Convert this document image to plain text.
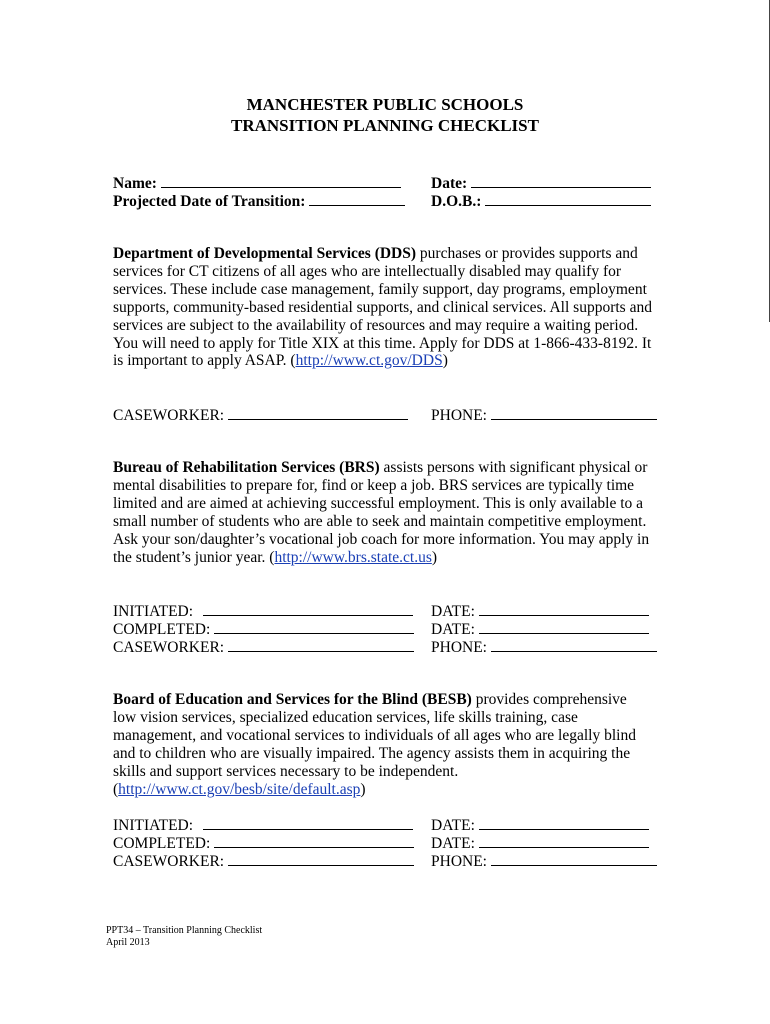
MANCHESTER PUBLIC SCHOOLS
TRANSITION PLANNING CHECKLIST
Name:
Projected Date of Transition:
Date:
D.O.B.:
Department of Developmental Services (DDS) purchases or provides supports and services for CT citizens of all ages who are intellectually disabled may qualify for services. These include case management, family support, day programs, employment supports, community-based residential supports, and clinical services. All supports and services are subject to the availability of resources and may require a waiting period. You will need to apply for Title XIX at this time. Apply for DDS at 1-866-433-8192. It is important to apply ASAP. (http://www.ct.gov/DDS)
CASEWORKER:	PHONE:
Bureau of Rehabilitation Services (BRS) assists persons with significant physical or mental disabilities to prepare for, find or keep a job. BRS services are typically time limited and are aimed at achieving successful employment. This is only available to a small number of students who are able to seek and maintain competitive employment. Ask your son/daughter’s vocational job coach for more information. You may apply in the student’s junior year. (http://www.brs.state.ct.us)
INITIATED:
COMPLETED:
CASEWORKER:
DATE:
DATE:
PHONE:
Board of Education and Services for the Blind (BESB) provides comprehensive low vision services, specialized education services, life skills training, case management, and vocational services to individuals of all ages who are legally blind and to children who are visually impaired. The agency assists them in acquiring the skills and support services necessary to be independent. (http://www.ct.gov/besb/site/default.asp)
INITIATED:
COMPLETED:
CASEWORKER:
DATE:
DATE:
PHONE:
PPT34 – Transition Planning Checklist
April 2013
